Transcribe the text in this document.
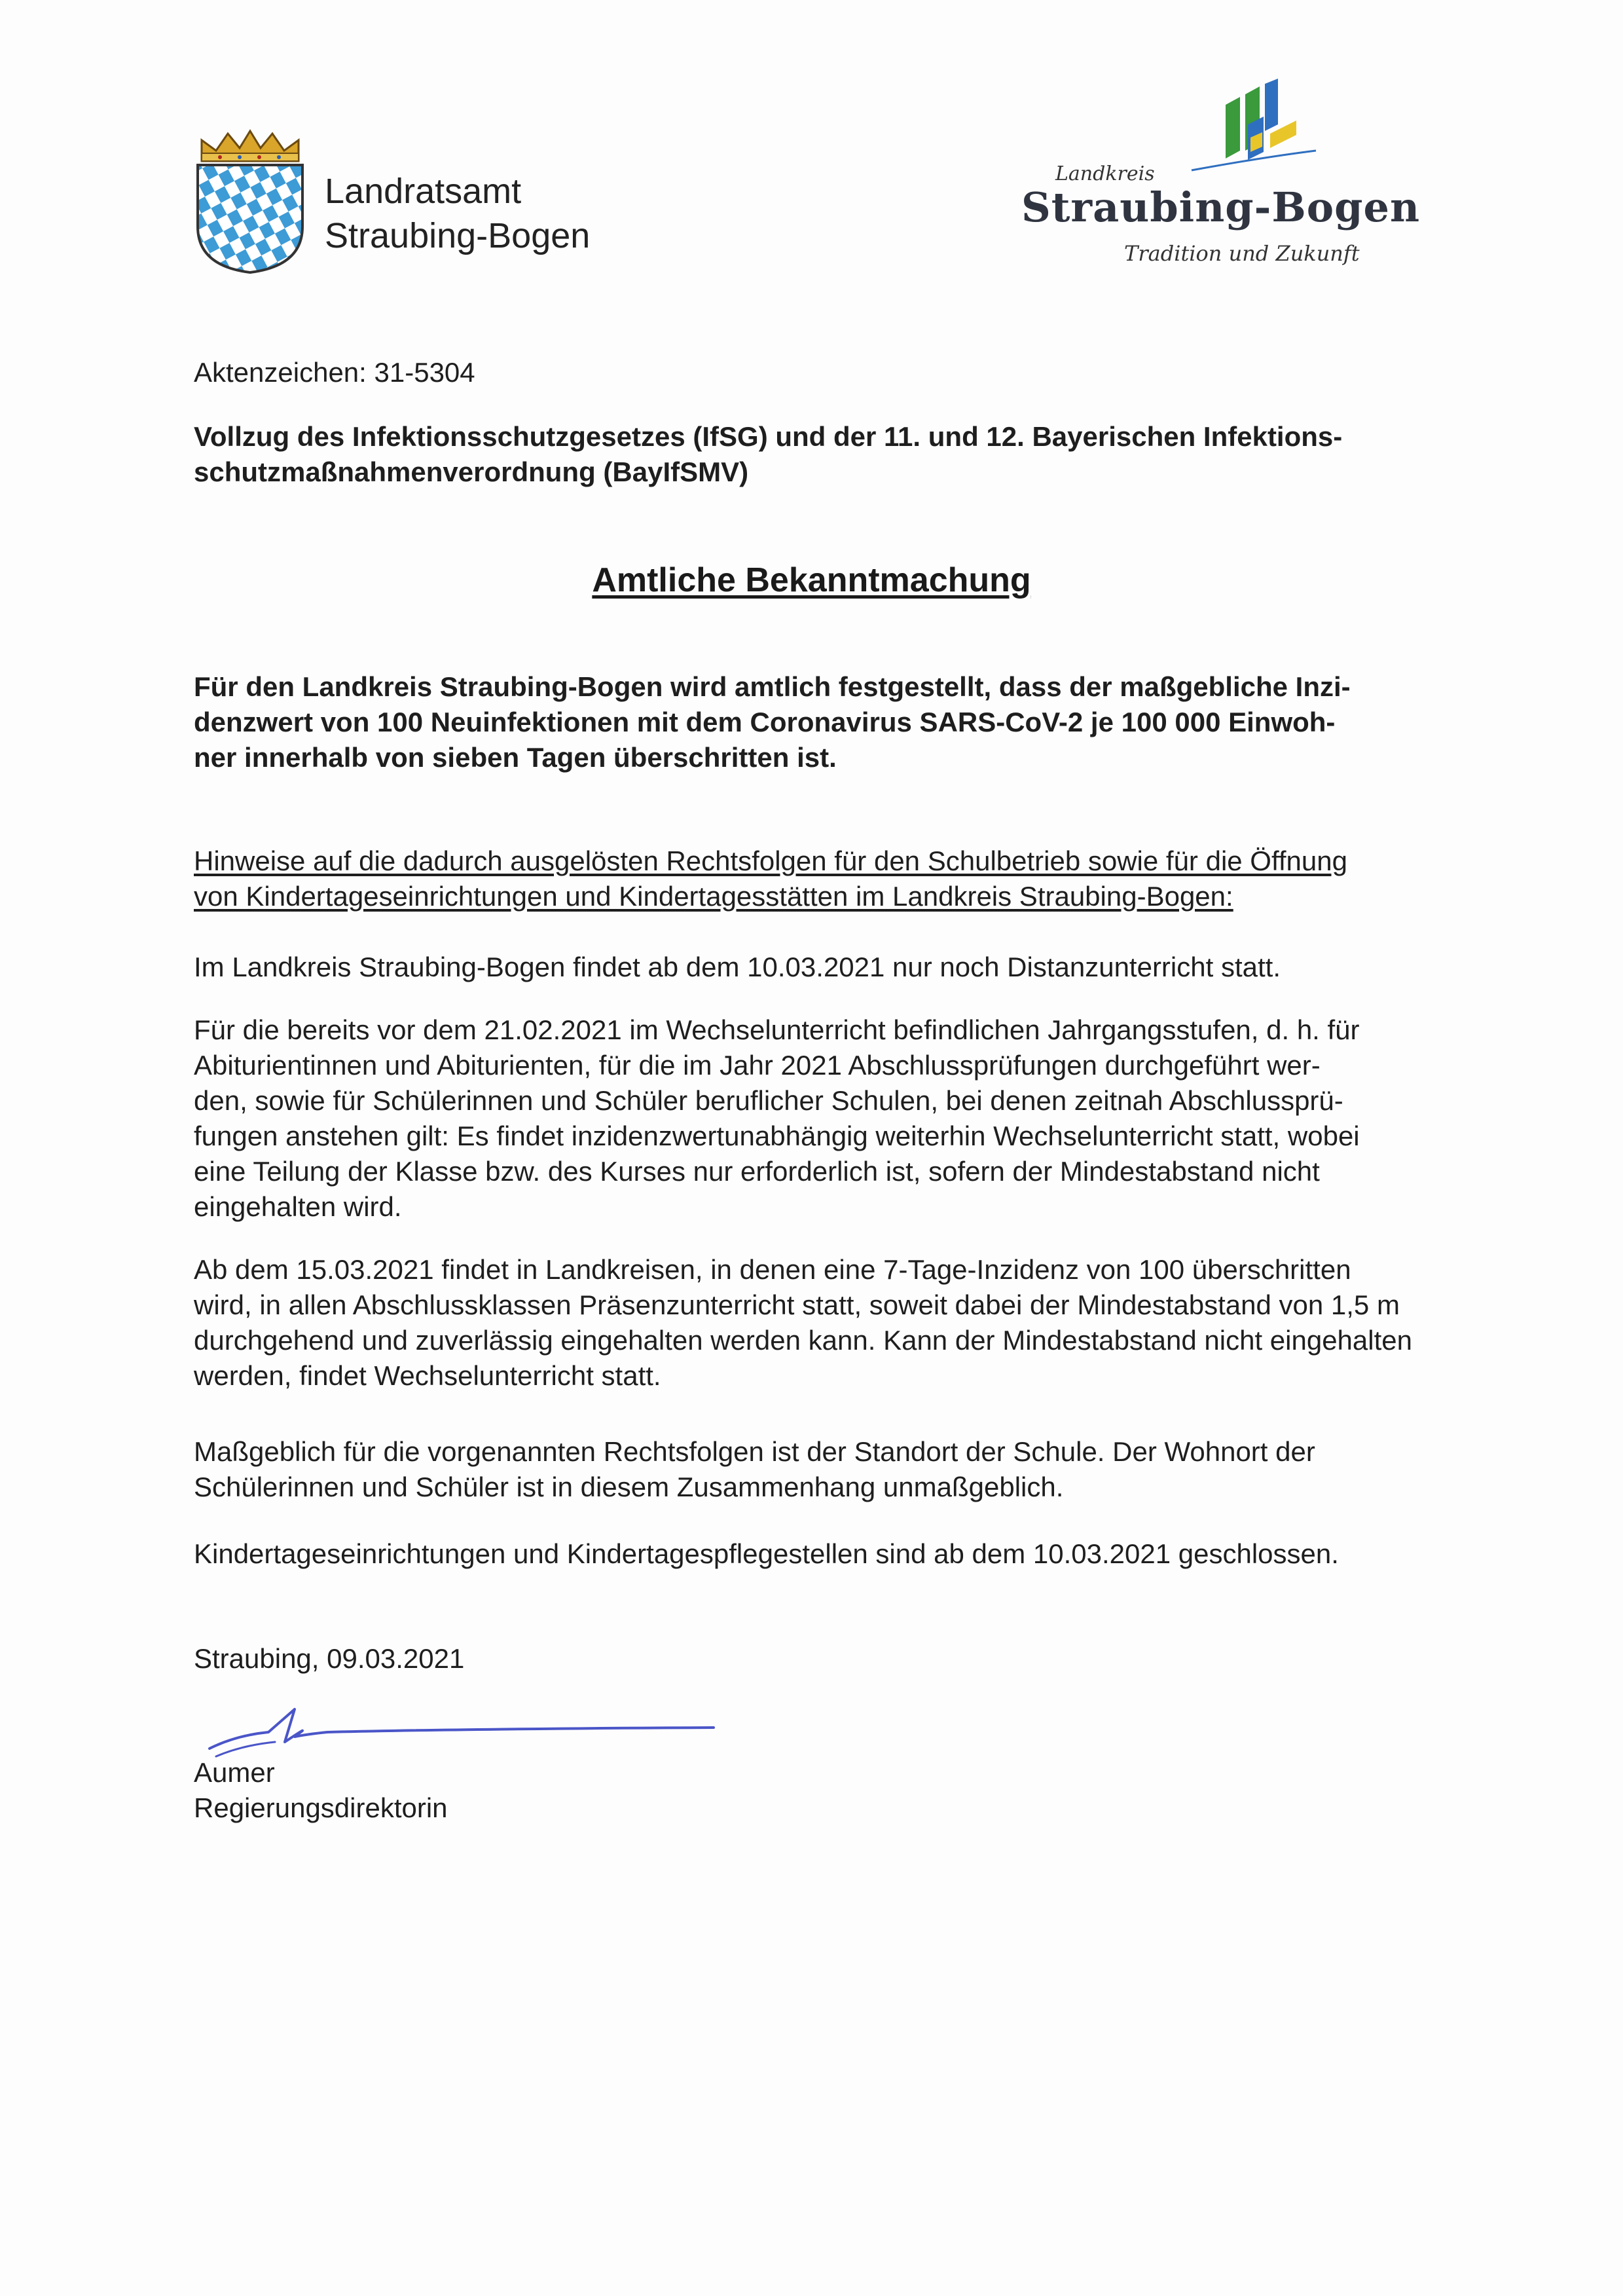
Landratsamt
Straubing-Bogen
Landkreis
Straubing-Bogen
Tradition und Zukunft
Aktenzeichen: 31-5304
Vollzug des Infektionsschutzgesetzes (IfSG) und der 11. und 12. Bayerischen Infektions-
schutzmaßnahmenverordnung (BayIfSMV)
Amtliche Bekanntmachung
Für den Landkreis Straubing-Bogen wird amtlich festgestellt, dass der maßgebliche Inzi-
denzwert von 100 Neuinfektionen mit dem Coronavirus SARS-CoV-2 je 100 000 Einwoh-
ner innerhalb von sieben Tagen überschritten ist.
Hinweise auf die dadurch ausgelösten Rechtsfolgen für den Schulbetrieb sowie für die Öffnung
von Kindertageseinrichtungen und Kindertagesstätten im Landkreis Straubing-Bogen:
Im Landkreis Straubing-Bogen findet ab dem 10.03.2021 nur noch Distanzunterricht statt.
Für die bereits vor dem 21.02.2021 im Wechselunterricht befindlichen Jahrgangsstufen, d. h. für
Abiturientinnen und Abiturienten, für die im Jahr 2021 Abschlussprüfungen durchgeführt wer-
den, sowie für Schülerinnen und Schüler beruflicher Schulen, bei denen zeitnah Abschlussprü-
fungen anstehen gilt: Es findet inzidenzwertunabhängig weiterhin Wechselunterricht statt, wobei
eine Teilung der Klasse bzw. des Kurses nur erforderlich ist, sofern der Mindestabstand nicht
eingehalten wird.
Ab dem 15.03.2021 findet in Landkreisen, in denen eine 7-Tage-Inzidenz von 100 überschritten
wird, in allen Abschlussklassen Präsenzunterricht statt, soweit dabei der Mindestabstand von 1,5 m
durchgehend und zuverlässig eingehalten werden kann. Kann der Mindestabstand nicht eingehalten
werden, findet Wechselunterricht statt.
Maßgeblich für die vorgenannten Rechtsfolgen ist der Standort der Schule. Der Wohnort der
Schülerinnen und Schüler ist in diesem Zusammenhang unmaßgeblich.
Kindertageseinrichtungen und Kindertagespflegestellen sind ab dem 10.03.2021 geschlossen.
Straubing, 09.03.2021
Aumer
Regierungsdirektorin
